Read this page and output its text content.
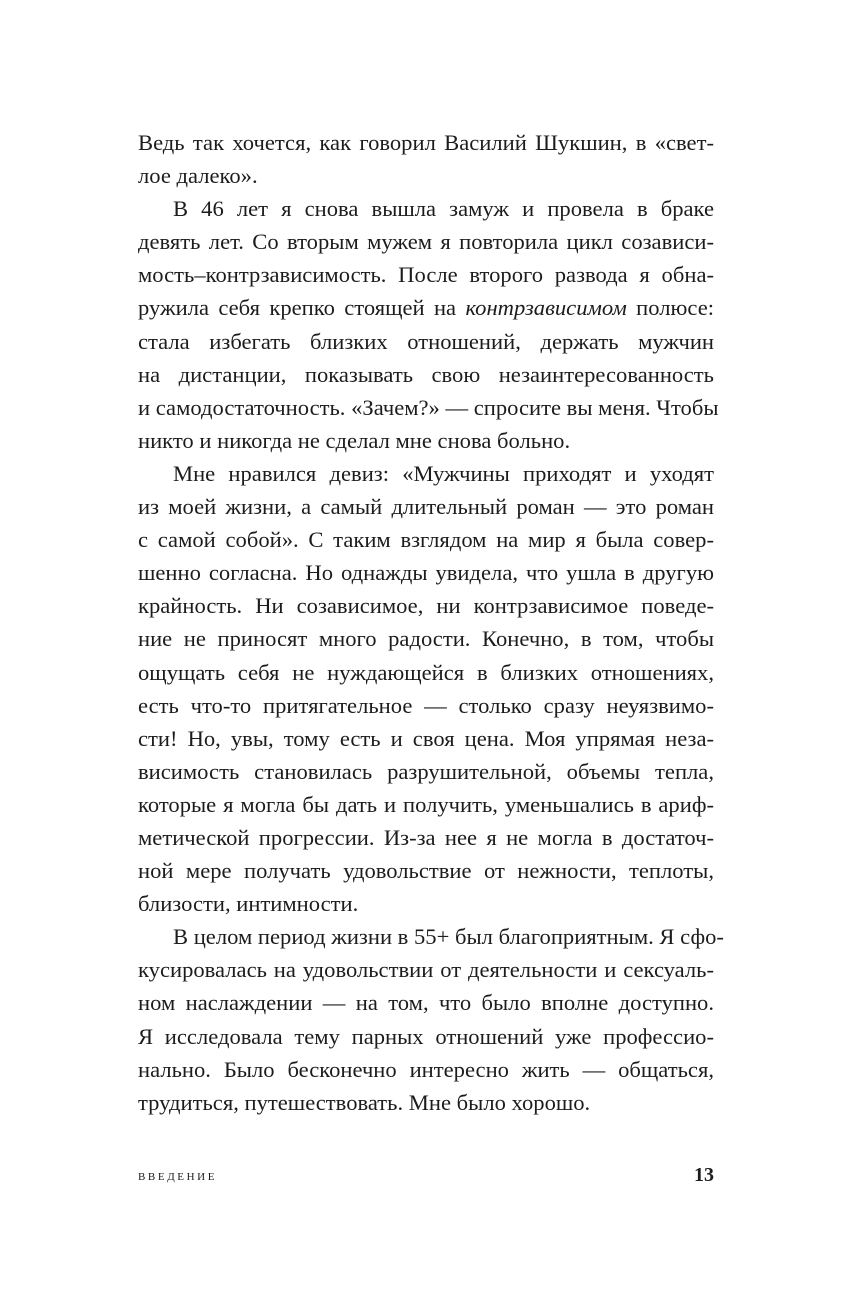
Ведь так хочется, как говорил Василий Шукшин, в «свет-
лое далеко».

В 46 лет я снова вышла замуж и провела в браке
девять лет. Со вторым мужем я повторила цикл созависи-
мость–контрзависимость. После второго развода я обна-
ружила себя крепко стоящей на контрзависимом полюсе:
стала избегать близких отношений, держать мужчин
на дистанции, показывать свою незаинтересованность
и самодостаточность. «Зачем?» — спросите вы меня. Чтобы
никто и никогда не сделал мне снова больно.

Мне нравился девиз: «Мужчины приходят и уходят
из моей жизни, а самый длительный роман — это роман
с самой собой». С таким взглядом на мир я была совер-
шенно согласна. Но однажды увидела, что ушла в другую
крайность. Ни созависимое, ни контрзависимое поведе-
ние не приносят много радости. Конечно, в том, чтобы
ощущать себя не нуждающейся в близких отношениях,
есть что-то притягательное — столько сразу неуязвимо-
сти! Но, увы, тому есть и своя цена. Моя упрямая неза-
висимость становилась разрушительной, объемы тепла,
которые я могла бы дать и получить, уменьшались в ариф-
метической прогрессии. Из-за нее я не могла в достаточ-
ной мере получать удовольствие от нежности, теплоты,
близости, интимности.

В целом период жизни в 55+ был благоприятным. Я сфо-
кусировалась на удовольствии от деятельности и сексуаль-
ном наслаждении — на том, что было вполне доступно.
Я исследовала тему парных отношений уже профессио-
нально. Было бесконечно интересно жить — общаться,
трудиться, путешествовать. Мне было хорошо.

введение	13
